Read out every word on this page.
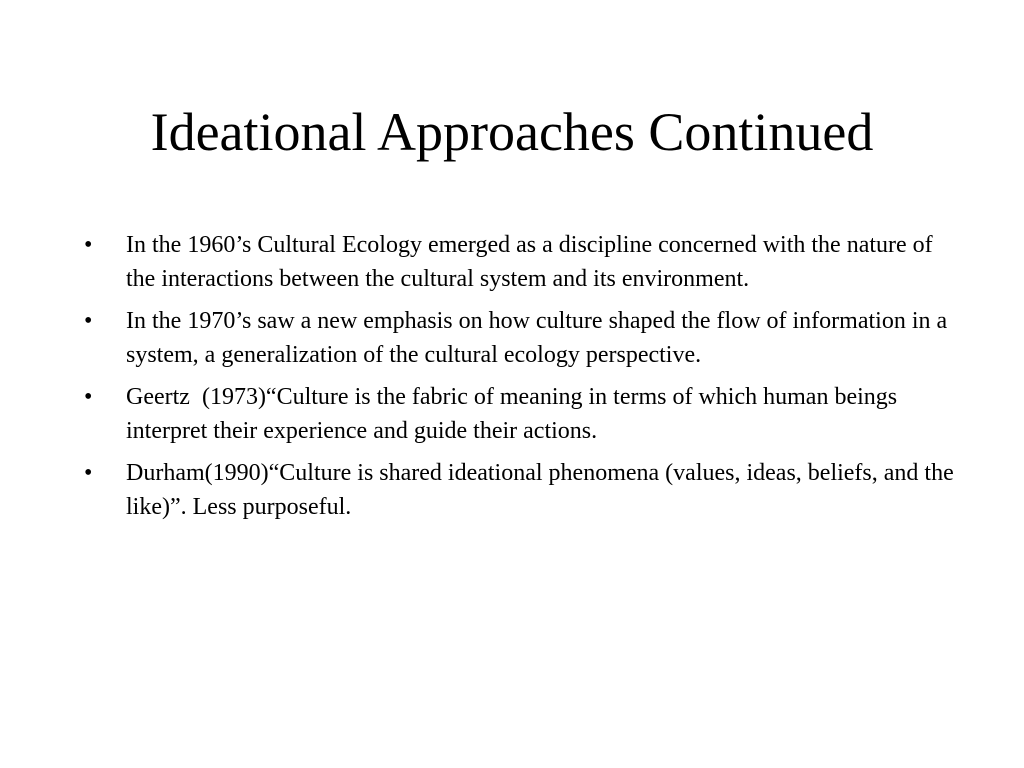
Ideational Approaches Continued
•	In the 1960’s Cultural Ecology emerged as a discipline concerned with the nature of the interactions between the cultural system and its environment.
•	In the 1970’s saw a new emphasis on how culture shaped the flow of information in a system, a generalization of the cultural ecology perspective.
•	Geertz  (1973)“Culture is the fabric of meaning in terms of which human beings interpret their experience and guide their actions.
•	Durham(1990)“Culture is shared ideational phenomena (values, ideas, beliefs, and the like)”. Less purposeful.
